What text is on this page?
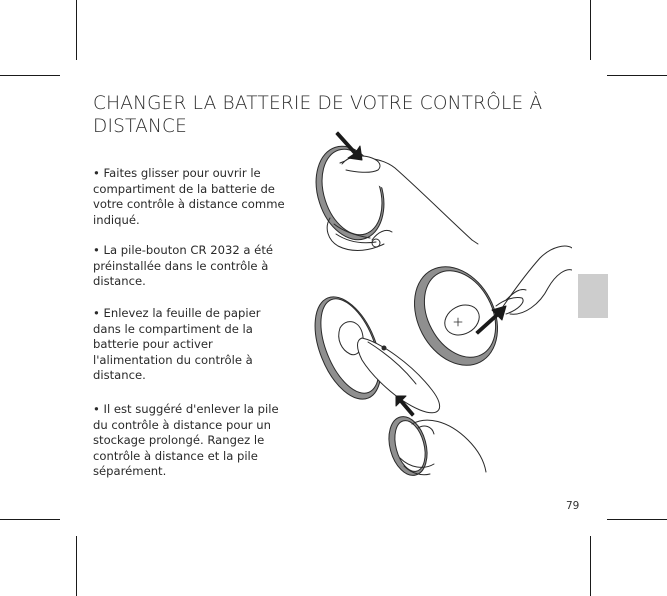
CHANGER LA BATTERIE DE VOTRE CONTRÔLE À DISTANCE
• Faites glisser pour ouvrir le compartiment de la batterie de votre contrôle à distance comme indiqué.
• La pile-bouton CR 2032 a été préinstallée dans le contrôle à distance.
• Enlevez la feuille de papier dans le compartiment de la batterie pour activer l'alimentation du contrôle à distance.
• Il est suggéré d'enlever la pile du contrôle à distance pour un stockage prolongé. Rangez le contrôle à distance et la pile séparément.
79
